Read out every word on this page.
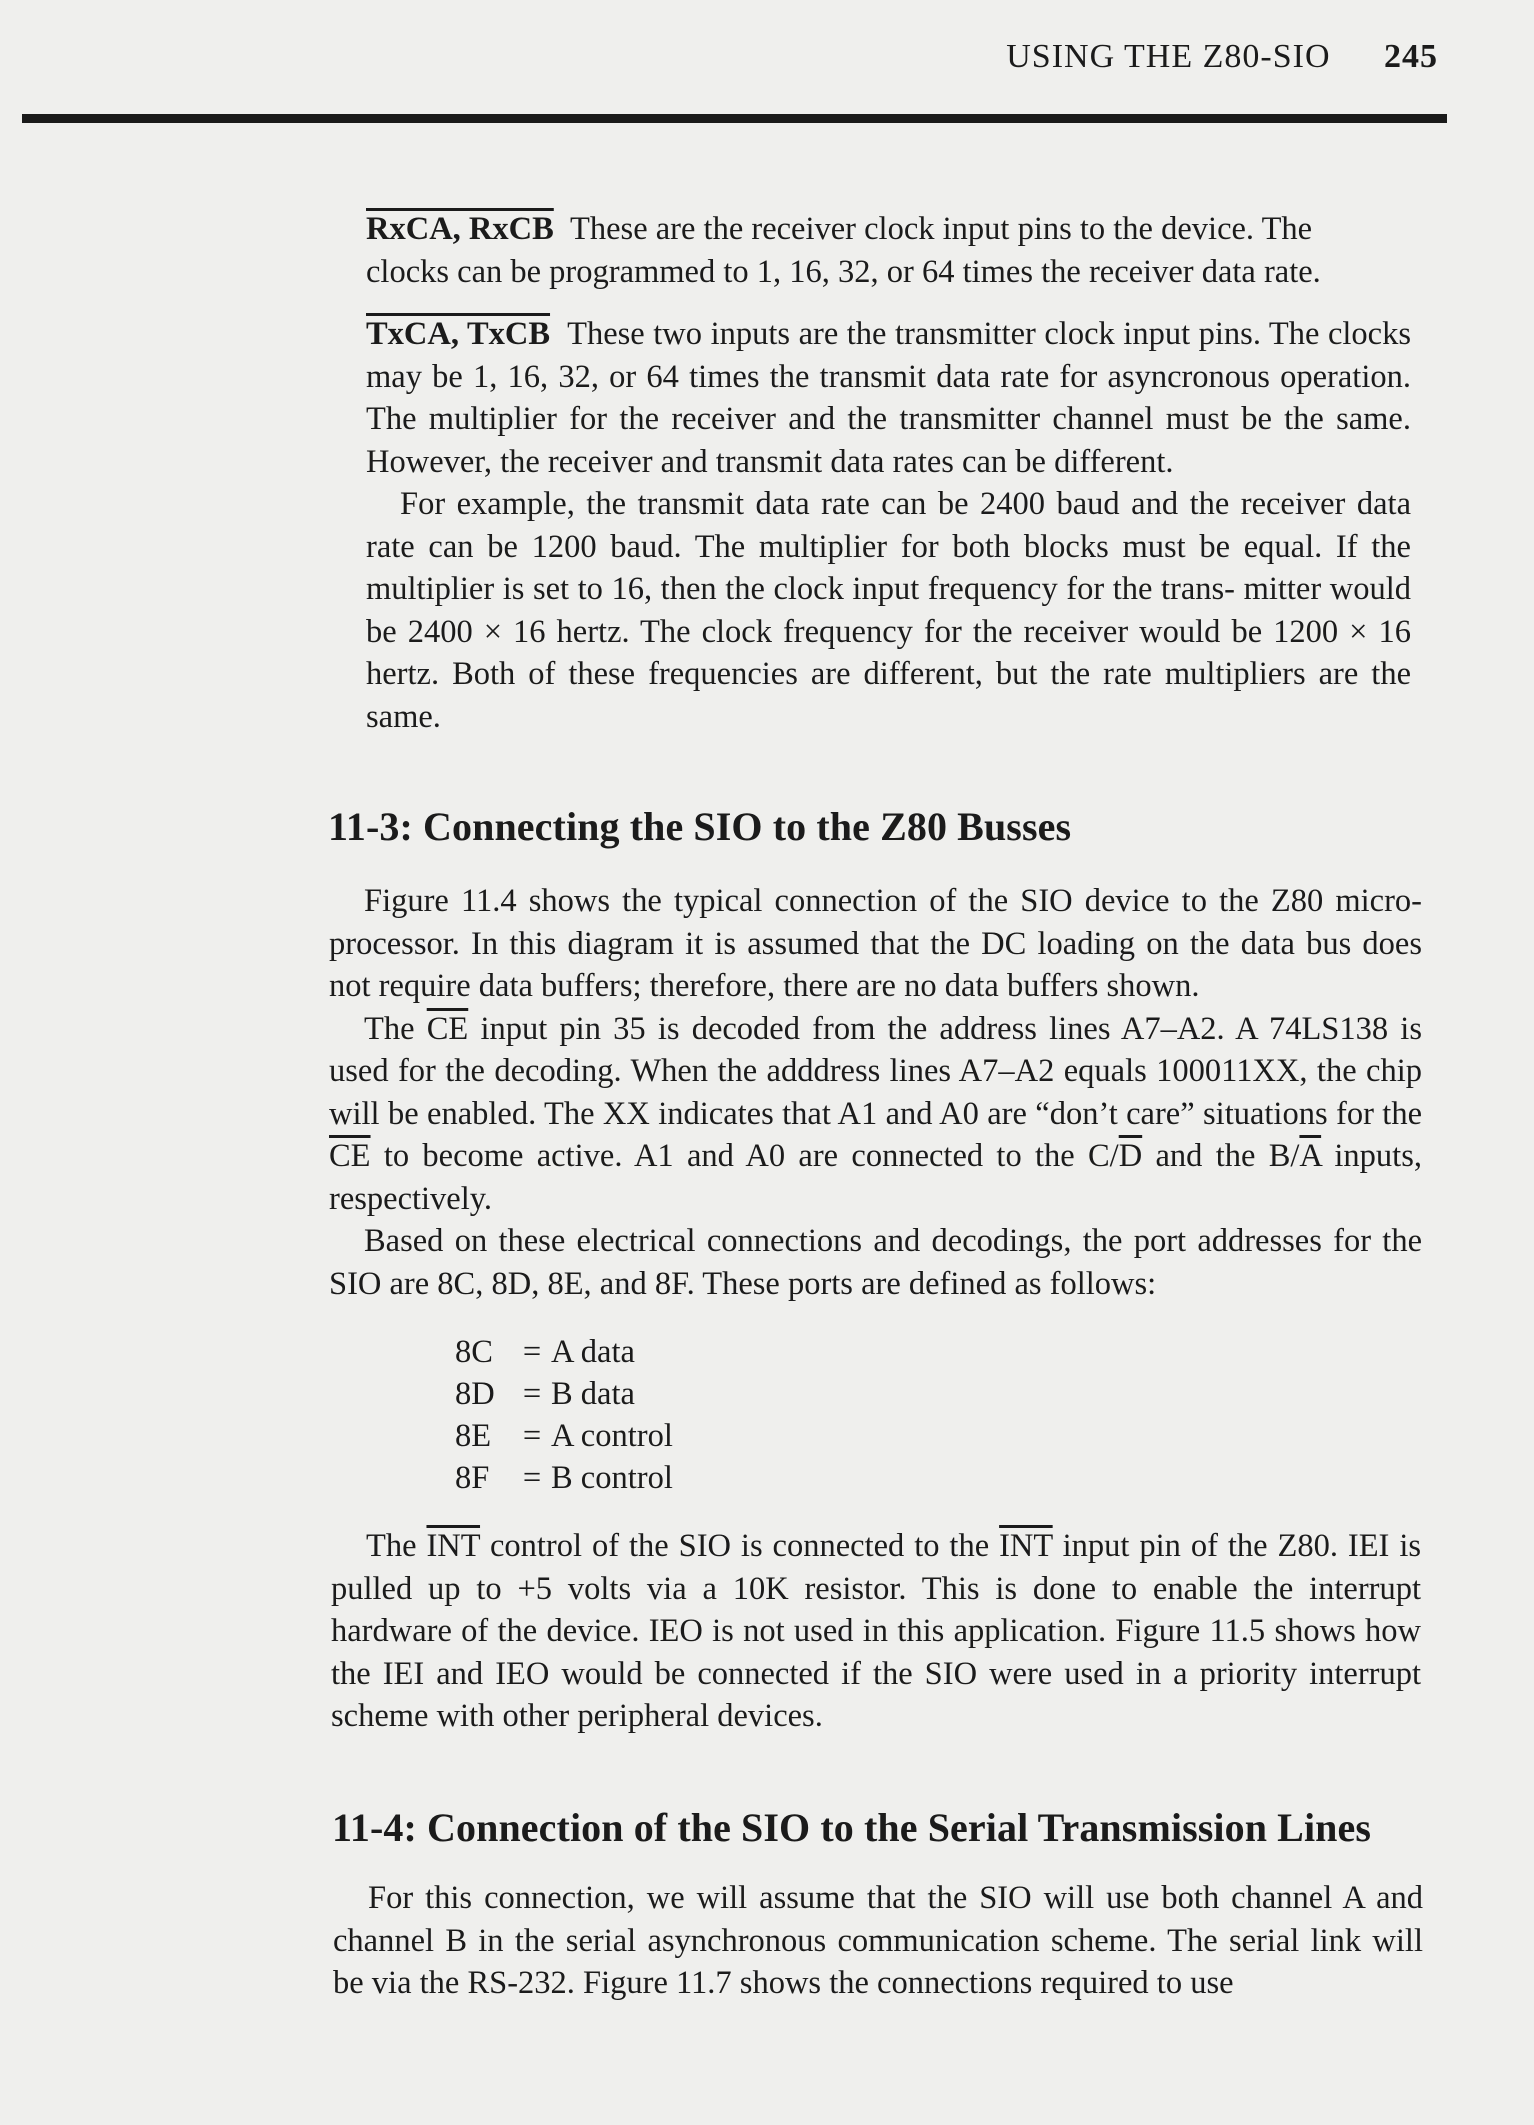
USING THE Z80-SIO 245

RxCA, RxCB These are the receiver clock input pins to the device. The

clocks can be programmed to 1, 16, 32, or 64 times the receiver data rate.

TxCA, TxCB These two inputs are the transmitter clock input pins. The clocks may be 1, 16, 32, or 64 times the transmit data rate for asyncronous operation. The multiplier for the receiver and the transmitter channel must be the same. However, the receiver and transmit data rates can be different.

For example, the transmit data rate can be 2400 baud and the receiver data rate can be 1200 baud. The multiplier for both blocks must be equal. If the multiplier is set to 16, then the clock input frequency for the trans- mitter would be 2400 × 16 hertz. The clock frequency for the receiver would be 1200 × 16 hertz. Both of these frequencies are different, but the rate multipliers are the same.

11-3: Connecting the SIO to the Z80 Busses

Figure 11.4 shows the typical connection of the SIO device to the Z80 micro- processor. In this diagram it is assumed that the DC loading on the data bus does not require data buffers; therefore, there are no data buffers shown.

The $\overline{CE}$ input pin 35 is decoded from the address lines A7–A2. A 74LS138 is used for the decoding. When the adddress lines A7–A2 equals 100011XX, the chip will be enabled. The XX indicates that A1 and A0 are “don’t care” situations for the $\overline{CE}$ to become active. A1 and A0 are connected to the $C/\overline{D}$ and the $B/\overline{A}$ inputs, respectively.

Based on these electrical connections and decodings, the port addresses for the SIO are 8C, 8D, 8E, and 8F. These ports are defined as follows:

8C = A data
8D = B data
8E = A control
8F = B control

The $\overline{INT}$ control of the SIO is connected to the $\overline{INT}$ input pin of the Z80. IEI is pulled up to +5 volts via a 10K resistor. This is done to enable the interrupt hardware of the device. IEO is not used in this application. Figure 11.5 shows how the IEI and IEO would be connected if the SIO were used in a priority interrupt scheme with other peripheral devices.

11-4: Connection of the SIO to the Serial Transmission Lines

For this connection, we will assume that the SIO will use both channel A and channel B in the serial asynchronous communication scheme. The serial link will be via the RS-232. Figure 11.7 shows the connections required to use
